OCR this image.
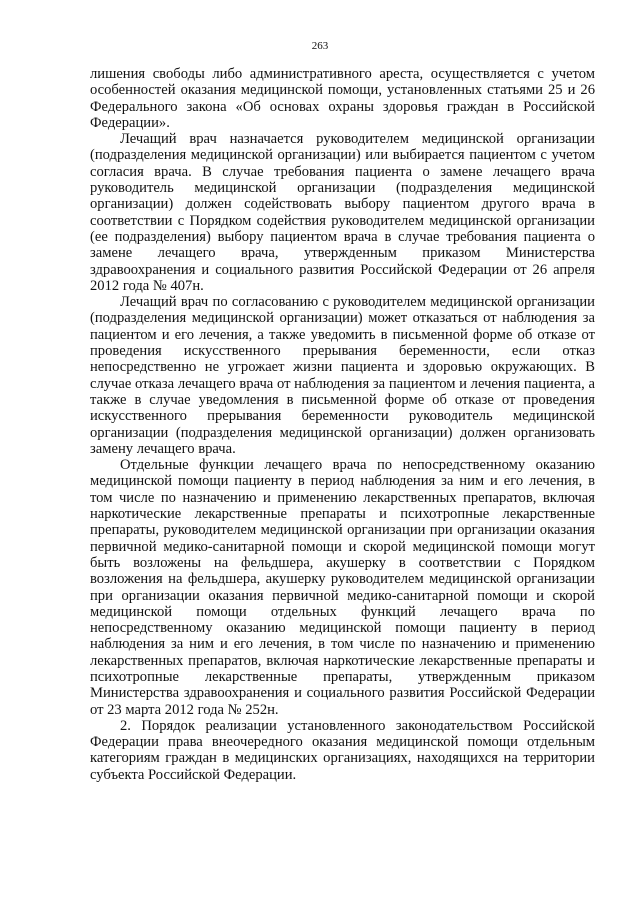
263

лишения свободы либо административного ареста, осуществляется с учетом особенностей оказания медицинской помощи, установленных статьями 25 и 26 Федерального закона «Об основах охраны здоровья граждан в Российской Федерации».

Лечащий врач назначается руководителем медицинской организации (подразделения медицинской организации) или выбирается пациентом с учетом согласия врача. В случае требования пациента о замене лечащего врача руководитель медицинской организации (подразделения медицинской организации) должен содействовать выбору пациентом другого врача в соответствии с Порядком содействия руководителем медицинской организации (ее подразделения) выбору пациентом врача в случае требования пациента о замене лечащего врача, утвержденным приказом Министерства здравоохранения и социального развития Российской Федерации от 26 апреля 2012 года № 407н.

Лечащий врач по согласованию с руководителем медицинской организации (подразделения медицинской организации) может отказаться от наблюдения за пациентом и его лечения, а также уведомить в письменной форме об отказе от проведения искусственного прерывания беременности, если отказ непосредственно не угрожает жизни пациента и здоровью окружающих. В случае отказа лечащего врача от наблюдения за пациентом и лечения пациента, а также в случае уведомления в письменной форме об отказе от проведения искусственного прерывания беременности руководитель медицинской организации (подразделения медицинской организации) должен организовать замену лечащего врача.

Отдельные функции лечащего врача по непосредственному оказанию медицинской помощи пациенту в период наблюдения за ним и его лечения, в том числе по назначению и применению лекарственных препаратов, включая наркотические лекарственные препараты и психотропные лекарственные препараты, руководителем медицинской организации при организации оказания первичной медико-санитарной помощи и скорой медицинской помощи могут быть возложены на фельдшера, акушерку в соответствии с Порядком возложения на фельдшера, акушерку руководителем медицинской организации при организации оказания первичной медико-санитарной помощи и скорой медицинской помощи отдельных функций лечащего врача по непосредственному оказанию медицинской помощи пациенту в период наблюдения за ним и его лечения, в том числе по назначению и применению лекарственных препаратов, включая наркотические лекарственные препараты и психотропные лекарственные препараты, утвержденным приказом Министерства здравоохранения и социального развития Российской Федерации от 23 марта 2012 года № 252н.

2. Порядок реализации установленного законодательством Российской Федерации права внеочередного оказания медицинской помощи отдельным категориям граждан в медицинских организациях, находящихся на территории субъекта Российской Федерации.
